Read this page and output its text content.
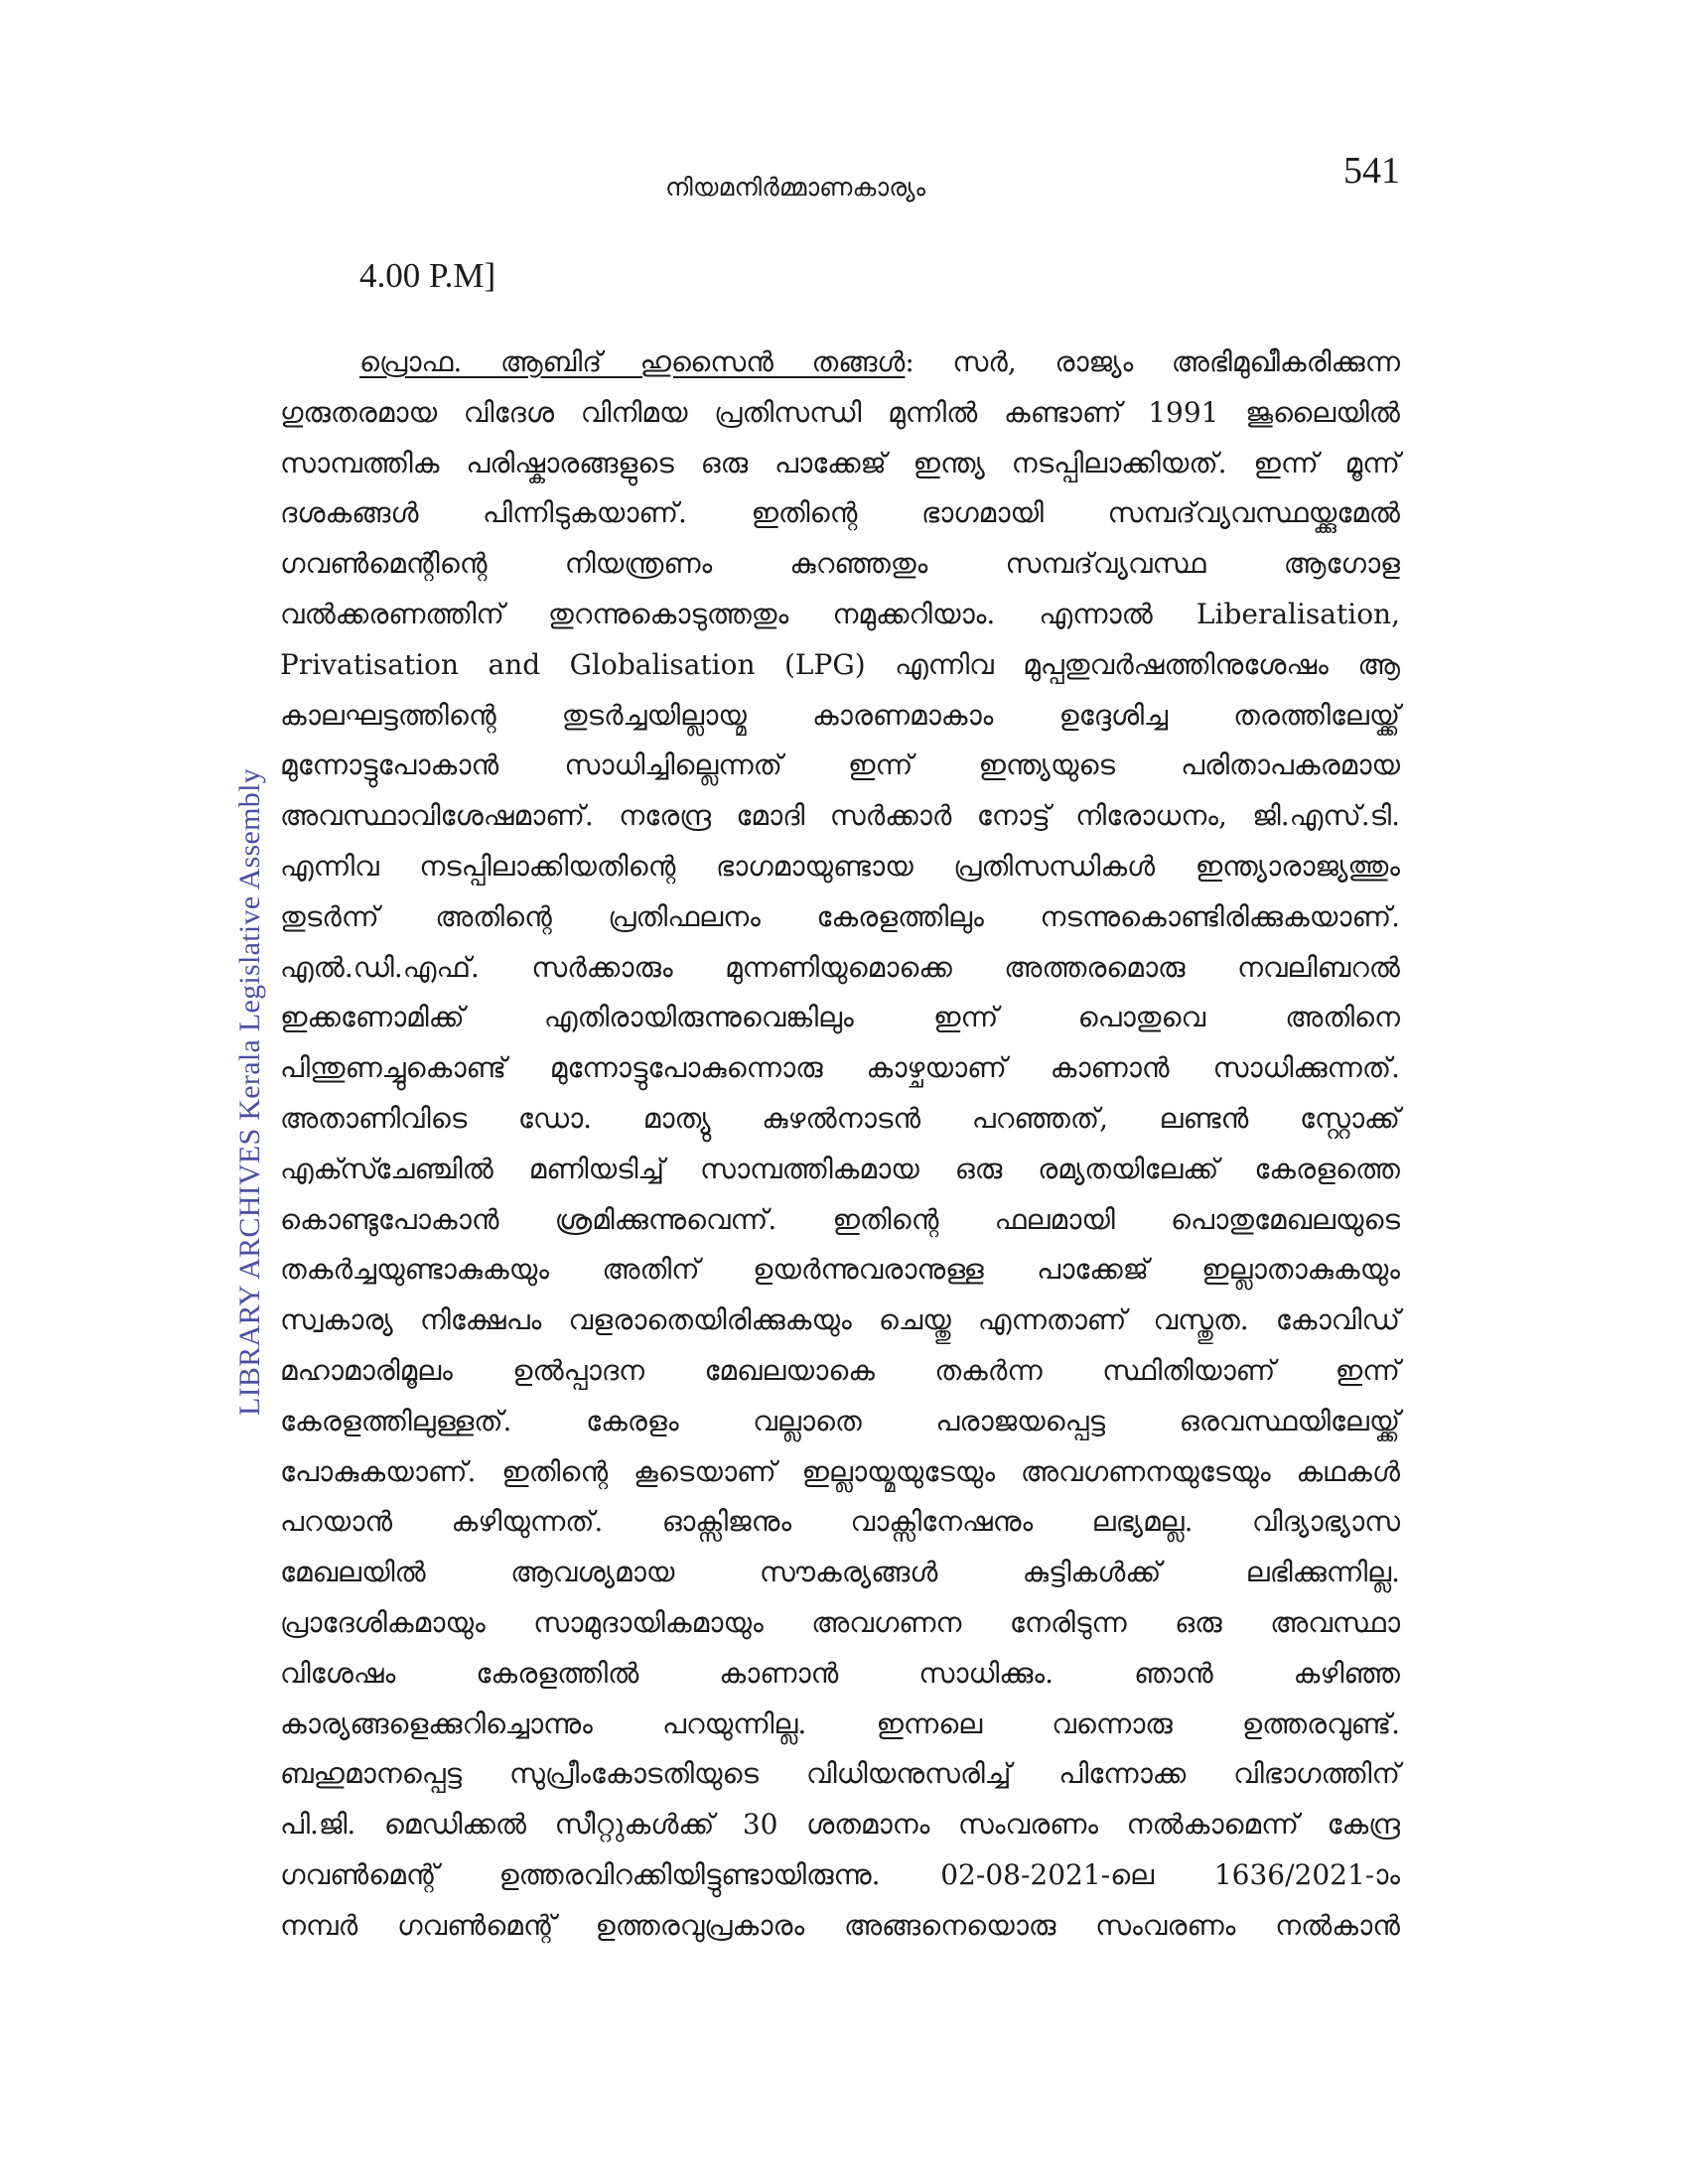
നിയമനിർമ്മാണകാര്യം	541
4.00 P.M]
LIBRARY ARCHIVES Kerala Legislative Assembly
പ്രൊഫ. ആബിദ് ഹുസൈൻ തങ്ങൾ: സർ, രാജ്യം അഭിമുഖീകരിക്കുന്ന
ഗുരുതരമായ വിദേശ വിനിമയ പ്രതിസന്ധി മുന്നിൽ കണ്ടാണ് 1991 ജൂലൈയിൽ
സാമ്പത്തിക പരിഷ്കാരങ്ങളുടെ ഒരു പാക്കേജ് ഇന്ത്യ നടപ്പിലാക്കിയത്. ഇന്ന് മൂന്ന്
ദശകങ്ങൾ പിന്നിടുകയാണ്. ഇതിന്റെ ഭാഗമായി സമ്പദ്‌വ്യവസ്ഥയ്ക്കുമേൽ
ഗവൺമെന്റിന്റെ നിയന്ത്രണം കുറഞ്ഞതും സമ്പദ്‌വ്യവസ്ഥ ആഗോള
വൽക്കരണത്തിന് തുറന്നുകൊടുത്തതും നമുക്കറിയാം. എന്നാൽ Liberalisation,
Privatisation and Globalisation (LPG) എന്നിവ മുപ്പതുവർഷത്തിനുശേഷം ആ
കാലഘട്ടത്തിന്റെ തുടർച്ചയില്ലായ്മ കാരണമാകാം ഉദ്ദേശിച്ച തരത്തിലേയ്ക്ക്
മുന്നോട്ടുപോകാൻ സാധിച്ചില്ലെന്നത് ഇന്ന് ഇന്ത്യയുടെ പരിതാപകരമായ
അവസ്ഥാവിശേഷമാണ്. നരേന്ദ്ര മോദി സർക്കാർ നോട്ട് നിരോധനം, ജി.എസ്.ടി.
എന്നിവ നടപ്പിലാക്കിയതിന്റെ ഭാഗമായുണ്ടായ പ്രതിസന്ധികൾ ഇന്ത്യാരാജ്യത്തും
തുടർന്ന് അതിന്റെ പ്രതിഫലനം കേരളത്തിലും നടന്നുകൊണ്ടിരിക്കുകയാണ്.
എൽ.ഡി.എഫ്. സർക്കാരും മുന്നണിയുമൊക്കെ അത്തരമൊരു നവലിബറൽ
ഇക്കണോമിക്ക് എതിരായിരുന്നുവെങ്കിലും ഇന്ന് പൊതുവെ അതിനെ
പിന്തുണച്ചുകൊണ്ട് മുന്നോട്ടുപോകുന്നൊരു കാഴ്ചയാണ് കാണാൻ സാധിക്കുന്നത്.
അതാണിവിടെ ഡോ. മാത്യു കുഴൽനാടൻ പറഞ്ഞത്, ലണ്ടൻ സ്റ്റോക്ക്
എക്സ്ചേഞ്ചിൽ മണിയടിച്ച് സാമ്പത്തികമായ ഒരു രമ്യതയിലേക്ക് കേരളത്തെ
കൊണ്ടുപോകാൻ ശ്രമിക്കുന്നുവെന്ന്. ഇതിന്റെ ഫലമായി പൊതുമേഖലയുടെ
തകർച്ചയുണ്ടാകുകയും അതിന് ഉയർന്നുവരാനുള്ള പാക്കേജ് ഇല്ലാതാകുകയും
സ്വകാര്യ നിക്ഷേപം വളരാതെയിരിക്കുകയും ചെയ്തു എന്നതാണ് വസ്തുത. കോവിഡ്
മഹാമാരിമൂലം ഉൽപ്പാദന മേഖലയാകെ തകർന്ന സ്ഥിതിയാണ് ഇന്ന്
കേരളത്തിലുള്ളത്. കേരളം വല്ലാതെ പരാജയപ്പെട്ട ഒരവസ്ഥയിലേയ്ക്ക്
പോകുകയാണ്. ഇതിന്റെ കൂടെയാണ് ഇല്ലായ്മയുടേയും അവഗണനയുടേയും കഥകൾ
പറയാൻ കഴിയുന്നത്. ഓക്സിജനും വാക്സിനേഷനും ലഭ്യമല്ല. വിദ്യാഭ്യാസ
മേഖലയിൽ ആവശ്യമായ സൗകര്യങ്ങൾ കുട്ടികൾക്ക് ലഭിക്കുന്നില്ല.
പ്രാദേശികമായും സാമുദായികമായും അവഗണന നേരിടുന്ന ഒരു അവസ്ഥാ
വിശേഷം കേരളത്തിൽ കാണാൻ സാധിക്കും. ഞാൻ കഴിഞ്ഞ
കാര്യങ്ങളെക്കുറിച്ചൊന്നും പറയുന്നില്ല. ഇന്നലെ വന്നൊരു ഉത്തരവുണ്ട്.
ബഹുമാനപ്പെട്ട സുപ്രീംകോടതിയുടെ വിധിയനുസരിച്ച് പിന്നോക്ക വിഭാഗത്തിന്
പി.ജി. മെഡിക്കൽ സീറ്റുകൾക്ക് 30 ശതമാനം സംവരണം നൽകാമെന്ന് കേന്ദ്ര
ഗവൺമെന്റ് ഉത്തരവിറക്കിയിട്ടുണ്ടായിരുന്നു. 02-08-2021-ലെ 1636/2021-ാം
നമ്പർ ഗവൺമെന്റ് ഉത്തരവുപ്രകാരം അങ്ങനെയൊരു സംവരണം നൽകാൻ
